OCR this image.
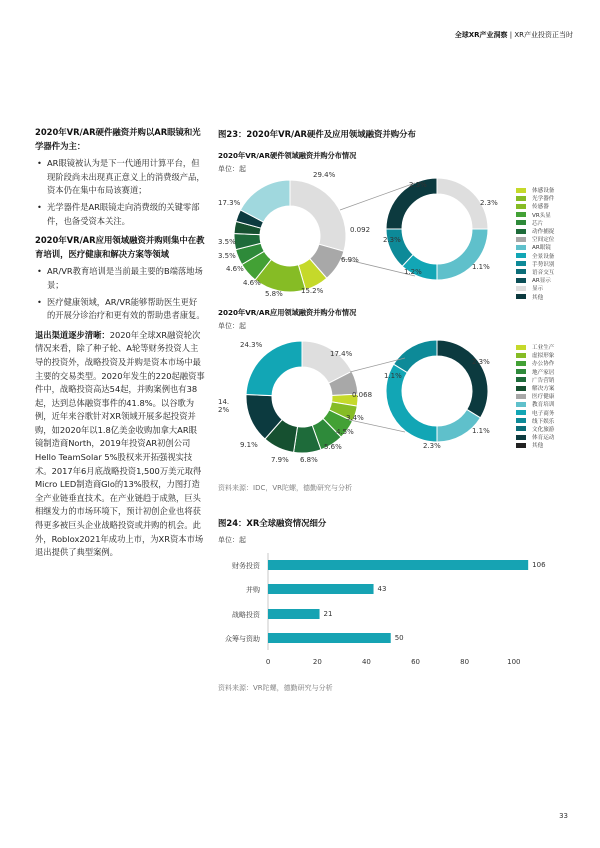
全球XR产业洞察 | XR产业投资正当时
2020年VR/AR硬件融资并购以AR眼镜和光学器件为主：
• AR眼镜被认为是下一代通用计算平台，但现阶段尚未出现真正意义上的消费级产品，资本仍在集中布局该赛道；
• 光学器件是AR眼镜走向消费级的关键零部件，也备受资本关注。
2020年VR/AR应用领域融资并购则集中在教育培训，医疗健康和解决方案等领域
• AR/VR教育培训是当前最主要的B端落地场景；
• 医疗健康领域，AR/VR能够帮助医生更好的开展分诊治疗和更有效的帮助患者康复。

退出渠道逐步清晰：2020年全球XR融资轮次情况来看，除了种子轮、A轮等财务投资人主导的投资外，战略投资及并购是资本市场中最主要的交易类型。2020年发生的220起融资事件中，战略投资高达54起，并购案例也有38起，达到总体融资事件的41.8%。以谷歌为例，近年来谷歌针对XR领域开展多起投资并购，如2020年以1.8亿美金收购加拿大AR眼镜制造商North，2019年投资AR初创公司Hello TeamSolar 5%股权来开拓强视实技术。2017年6月底战略投资1,500万美元取得Micro LED制造商Glo的13%股权，力图打造全产业链垂直技术。在产业链趋于成熟，巨头相继发力的市场环境下，预计初创企业也将获得更多被巨头企业战略投资或并购的机会。此外，Roblox2021年成功上市，为XR资本市场退出提供了典型案例。

图23：2020年VR/AR硬件及应用领域融资并购分布
2020年VR/AR硬件领域融资并购分布情况
单位：起
29.4%
0.092
6.9%
15.2%
5.8%
4.6%
4.6%
3.5%
3.5%
17.3%
2.3%
2.3%
1.1%
1.2%
2.3%
体感设备
光学器件
传感器
VR头显
芯片
动作捕捉
空间定位
AR眼镜
全景设备
手势识别
语音交互
AR显示
显示
其他
2020年VR/AR应用领域融资并购分布情况
单位：起
17.4%
0.068
3.4%
4.5%
5.6%
6.8%
7.9%
9.1%
14.2%
24.3%
2.3%
1.1%
2.3%
1.1%
工业生产
虚拟形象
办公协作
地产家居
广告营销
解决方案
医疗健康
教育培训
电子商务
线下娱乐
文化旅游
体育运动
其他
资料来源：IDC，VR陀螺，德勤研究与分析
图24：XR全球融资情况细分
单位：起
财务投资
并购
战略投资
众筹与资助
106
43
21
50
0	20	40	60	80	100
资料来源：VR陀螺，德勤研究与分析
33
